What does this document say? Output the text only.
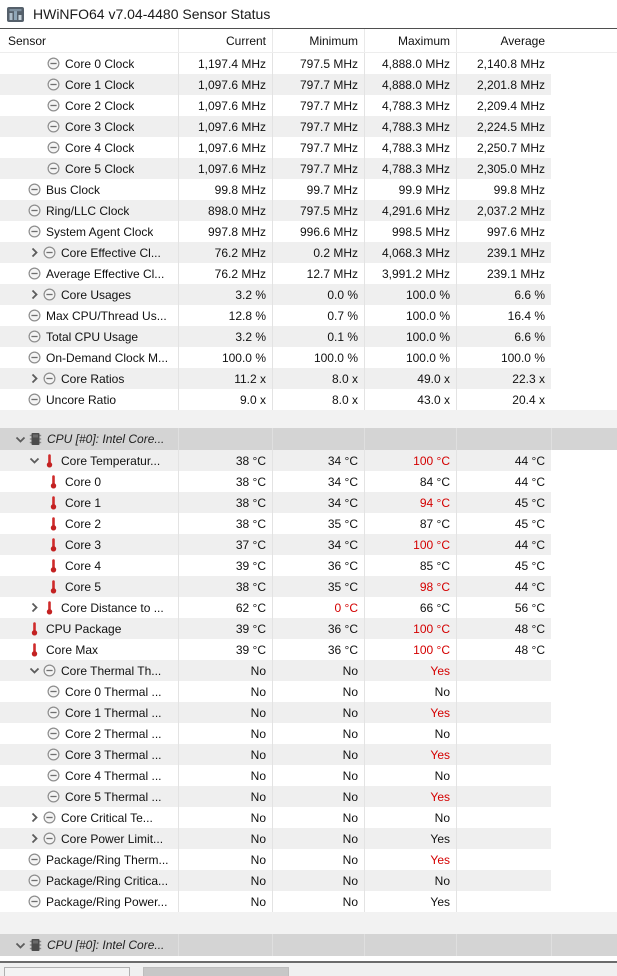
HWiNFO64 v7.04-4480 Sensor Status
Sensor	Current	Minimum	Maximum	Average
Core 0 Clock	1,197.4 MHz	797.5 MHz	4,888.0 MHz	2,140.8 MHz
Core 1 Clock	1,097.6 MHz	797.7 MHz	4,888.0 MHz	2,201.8 MHz
Core 2 Clock	1,097.6 MHz	797.7 MHz	4,788.3 MHz	2,209.4 MHz
Core 3 Clock	1,097.6 MHz	797.7 MHz	4,788.3 MHz	2,224.5 MHz
Core 4 Clock	1,097.6 MHz	797.7 MHz	4,788.3 MHz	2,250.7 MHz
Core 5 Clock	1,097.6 MHz	797.7 MHz	4,788.3 MHz	2,305.0 MHz
Bus Clock	99.8 MHz	99.7 MHz	99.9 MHz	99.8 MHz
Ring/LLC Clock	898.0 MHz	797.5 MHz	4,291.6 MHz	2,037.2 MHz
System Agent Clock	997.8 MHz	996.6 MHz	998.5 MHz	997.6 MHz
Core Effective Cl...	76.2 MHz	0.2 MHz	4,068.3 MHz	239.1 MHz
Average Effective Cl...	76.2 MHz	12.7 MHz	3,991.2 MHz	239.1 MHz
Core Usages	3.2 %	0.0 %	100.0 %	6.6 %
Max CPU/Thread Us...	12.8 %	0.7 %	100.0 %	16.4 %
Total CPU Usage	3.2 %	0.1 %	100.0 %	6.6 %
On-Demand Clock M...	100.0 %	100.0 %	100.0 %	100.0 %
Core Ratios	11.2 x	8.0 x	49.0 x	22.3 x
Uncore Ratio	9.0 x	8.0 x	43.0 x	20.4 x
CPU [#0]: Intel Core...
Core Temperatur...	38 °C	34 °C	100 °C	44 °C
Core 0	38 °C	34 °C	84 °C	44 °C
Core 1	38 °C	34 °C	94 °C	45 °C
Core 2	38 °C	35 °C	87 °C	45 °C
Core 3	37 °C	34 °C	100 °C	44 °C
Core 4	39 °C	36 °C	85 °C	45 °C
Core 5	38 °C	35 °C	98 °C	44 °C
Core Distance to ...	62 °C	0 °C	66 °C	56 °C
CPU Package	39 °C	36 °C	100 °C	48 °C
Core Max	39 °C	36 °C	100 °C	48 °C
Core Thermal Th...	No	No	Yes
Core 0 Thermal ...	No	No	No
Core 1 Thermal ...	No	No	Yes
Core 2 Thermal ...	No	No	No
Core 3 Thermal ...	No	No	Yes
Core 4 Thermal ...	No	No	No
Core 5 Thermal ...	No	No	Yes
Core Critical Te...	No	No	No
Core Power Limit...	No	No	Yes
Package/Ring Therm...	No	No	Yes
Package/Ring Critica...	No	No	No
Package/Ring Power...	No	No	Yes
CPU [#0]: Intel Core...
